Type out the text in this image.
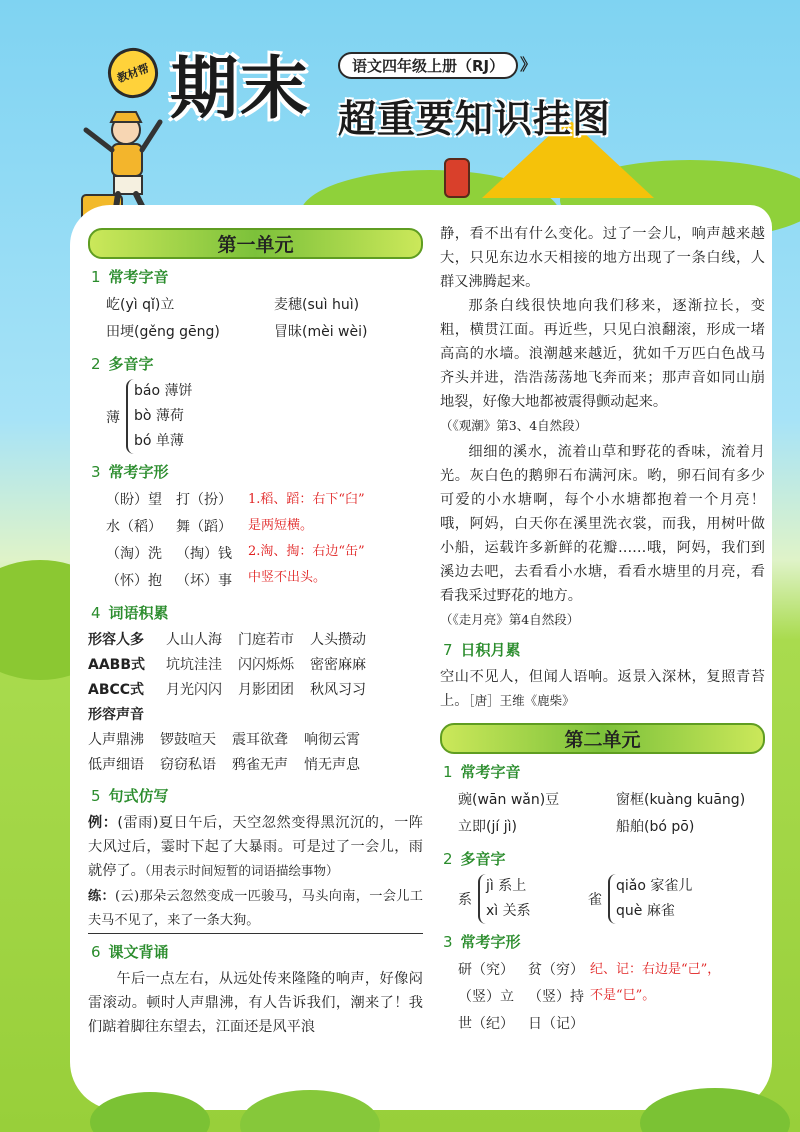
教材帮 期末	语文四年级上册（RJ） 》
超重要知识挂图
第一单元
1 常考字音
屹(yì qǐ)立	麦穗(suì huì)
田埂(gěng gēng)	冒昧(mèi wèi)
2 多音字
薄
báo 薄饼
bò 薄荷
bó 单薄
3 常考字形
（盼）望	打（扮）
水（稻）	舞（蹈）
（淘）洗	（掏）钱
（怀）抱	（坏）事
1.稻、蹈：右下“臼”
是两短横。
2.淘、掏：右边“缶”
中竖不出头。
4 词语积累
形容人多	人山人海	门庭若市	人头攒动
AABB式	坑坑洼洼	闪闪烁烁	密密麻麻
ABCC式	月光闪闪	月影团团	秋风习习
形容声音
人声鼎沸	锣鼓喧天	震耳欲聋	响彻云霄
低声细语	窃窃私语	鸦雀无声	悄无声息
5 句式仿写
例：(雷雨)夏日午后，天空忽然变得黑沉沉的，一阵大风过后，霎时下起了大暴雨。可是过了一会儿，雨就停了。（用表示时间短暂的词语描绘事物）
练：(云)那朵云忽然变成一匹骏马，马头向南，一会儿工夫马不见了，来了一条大狗。
6 课文背诵
午后一点左右，从远处传来隆隆的响声，好像闷雷滚动。顿时人声鼎沸，有人告诉我们，潮来了！我们踮着脚往东望去，江面还是风平浪
静，看不出有什么变化。过了一会儿，响声越来越大，只见东边水天相接的地方出现了一条白线，人群又沸腾起来。
那条白线很快地向我们移来，逐渐拉长，变粗，横贯江面。再近些，只见白浪翻滚，形成一堵高高的水墙。浪潮越来越近，犹如千万匹白色战马齐头并进，浩浩荡荡地飞奔而来；那声音如同山崩地裂，好像大地都被震得颤动起来。
（《观潮》第3、4自然段）
细细的溪水，流着山草和野花的香味，流着月光。灰白色的鹅卵石布满河床。哟，卵石间有多少可爱的小水塘啊，每个小水塘都抱着一个月亮！哦，阿妈，白天你在溪里洗衣裳，而我，用树叶做小船，运载许多新鲜的花瓣……哦，阿妈，我们到溪边去吧，去看看小水塘，看看水塘里的月亮，看看我采过野花的地方。
（《走月亮》第4自然段）
7 日积月累
空山不见人，但闻人语响。返景入深林，复照青苔上。［唐］王维《鹿柴》
第二单元
1 常考字音
豌(wān wǎn)豆	窗框(kuàng kuāng)
立即(jí jì)	船舶(bó pō)
2 多音字
系
jì 系上
xì 关系
雀
qiǎo 家雀儿
què 麻雀
3 常考字形
研（究）	贫（穷）
（竖）立	（竖）持
世（纪）	日（记）
纪、记：右边是“己”，
不是“巳”。
